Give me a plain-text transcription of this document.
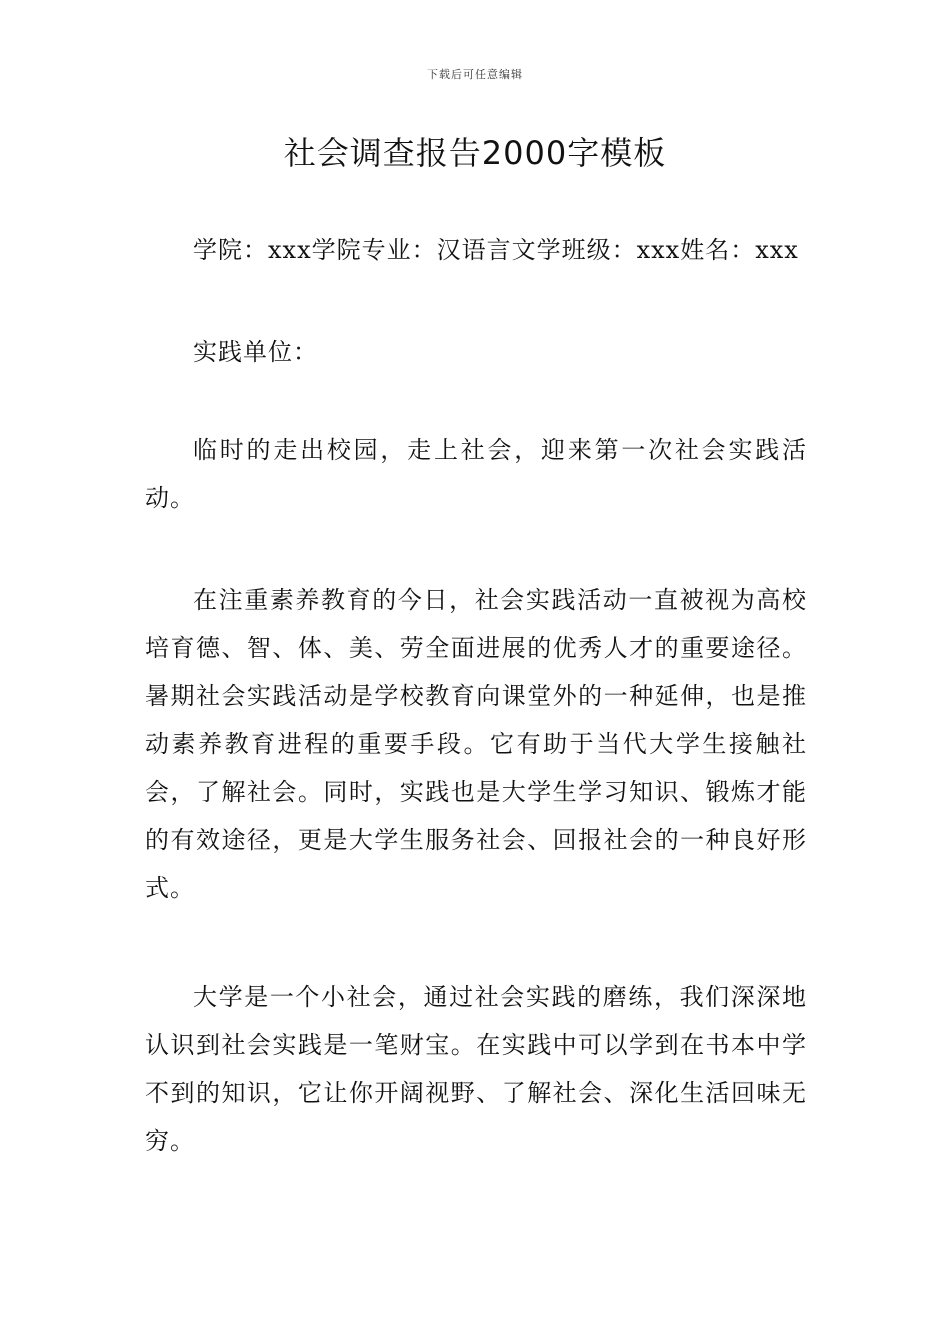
下载后可任意编辑
社会调查报告2000字模板

学院：xxx学院专业：汉语言文学班级：xxx姓名：xxx

实践单位：

临时的走出校园，走上社会，迎来第一次社会实践活动。

在注重素养教育的今日，社会实践活动一直被视为高校培育德、智、体、美、劳全面进展的优秀人才的重要途径。暑期社会实践活动是学校教育向课堂外的一种延伸，也是推动素养教育进程的重要手段。它有助于当代大学生接触社会，了解社会。同时，实践也是大学生学习知识、锻炼才能的有效途径，更是大学生服务社会、回报社会的一种良好形式。

大学是一个小社会，通过社会实践的磨练，我们深深地认识到社会实践是一笔财宝。在实践中可以学到在书本中学不到的知识，它让你开阔视野、了解社会、深化生活回味无穷。
